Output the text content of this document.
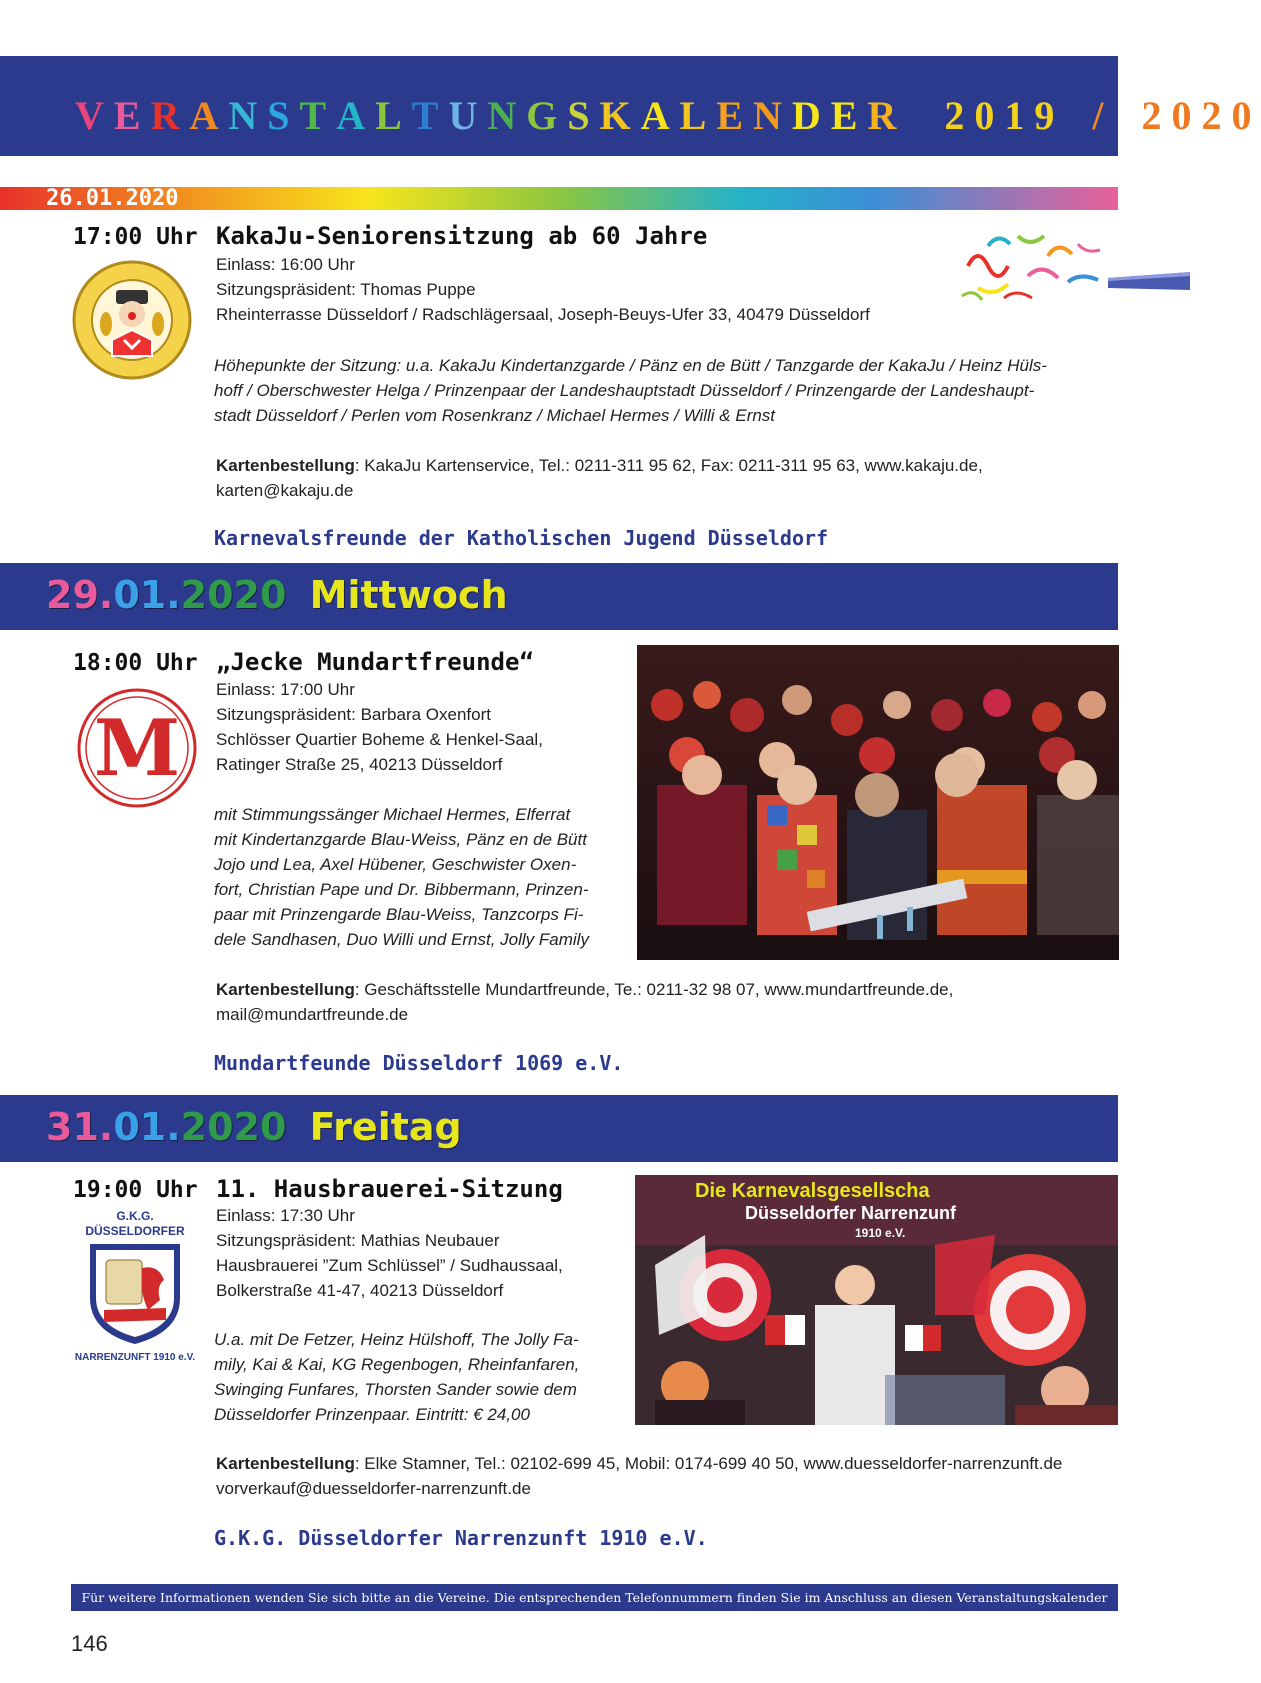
VERANSTALTUNGSKALENDER 2019 / 2020
26.01.2020
17:00 Uhr KakaJu-Seniorensitzung ab 60 Jahre
Einlass: 16:00 Uhr
Sitzungspräsident: Thomas Puppe
Rheinterrasse Düsseldorf / Radschlägersaal, Joseph-Beuys-Ufer 33, 40479 Düsseldorf
Höhepunkte der Sitzung: u.a. KakaJu Kindertanzgarde / Pänz en de Bütt / Tanzgarde der KakaJu / Heinz Hüls-
hoff / Oberschwester Helga / Prinzenpaar der Landeshauptstadt Düsseldorf / Prinzengarde der Landeshaupt-
stadt Düsseldorf / Perlen vom Rosenkranz / Michael Hermes / Willi & Ernst
Kartenbestellung: KakaJu Kartenservice, Tel.: 0211-311 95 62, Fax: 0211-311 95 63, www.kakaju.de,
karten@kakaju.de
Karnevalsfreunde der Katholischen Jugend Düsseldorf
29.01.2020 Mittwoch
18:00 Uhr „Jecke Mundartfreunde“
Einlass: 17:00 Uhr
Sitzungspräsident: Barbara Oxenfort
Schlösser Quartier Boheme & Henkel-Saal,
Ratinger Straße 25, 40213 Düsseldorf
M
mit Stimmungssänger Michael Hermes, Elferrat
mit Kindertanzgarde Blau-Weiss, Pänz en de Bütt
Jojo und Lea, Axel Hübener, Geschwister Oxen-
fort, Christian Pape und Dr. Bibbermann, Prinzen-
paar mit Prinzengarde Blau-Weiss, Tanzcorps Fi-
dele Sandhasen, Duo Willi und Ernst, Jolly Family
Kartenbestellung: Geschäftsstelle Mundartfreunde, Te.: 0211-32 98 07, www.mundartfreunde.de,
mail@mundartfreunde.de
Mundartfeunde Düsseldorf 1069 e.V.
31.01.2020 Freitag
19:00 Uhr 11. Hausbrauerei-Sitzung
Einlass: 17:30 Uhr
Sitzungspräsident: Mathias Neubauer
Hausbrauerei ”Zum Schlüssel” / Sudhaussaal,
Bolkerstraße 41-47, 40213 Düsseldorf
G.K.G.
DÜSSELDORFER
NARRENZUNFT 1910 e.V.
Die Karnevalsgesellscha
Düsseldorfer Narrenzunf
1910 e.V.
U.a. mit De Fetzer, Heinz Hülshoff, The Jolly Fa-
mily, Kai & Kai, KG Regenbogen, Rheinfanfaren,
Swinging Funfares, Thorsten Sander sowie dem
Düsseldorfer Prinzenpaar. Eintritt: € 24,00
Kartenbestellung: Elke Stamner, Tel.: 02102-699 45, Mobil: 0174-699 40 50, www.duesseldorfer-narrenzunft.de
vorverkauf@duesseldorfer-narrenzunft.de
G.K.G. Düsseldorfer Narrenzunft 1910 e.V.
Für weitere Informationen wenden Sie sich bitte an die Vereine. Die entsprechenden Telefonnummern finden Sie im Anschluss an diesen Veranstaltungskalender
146
